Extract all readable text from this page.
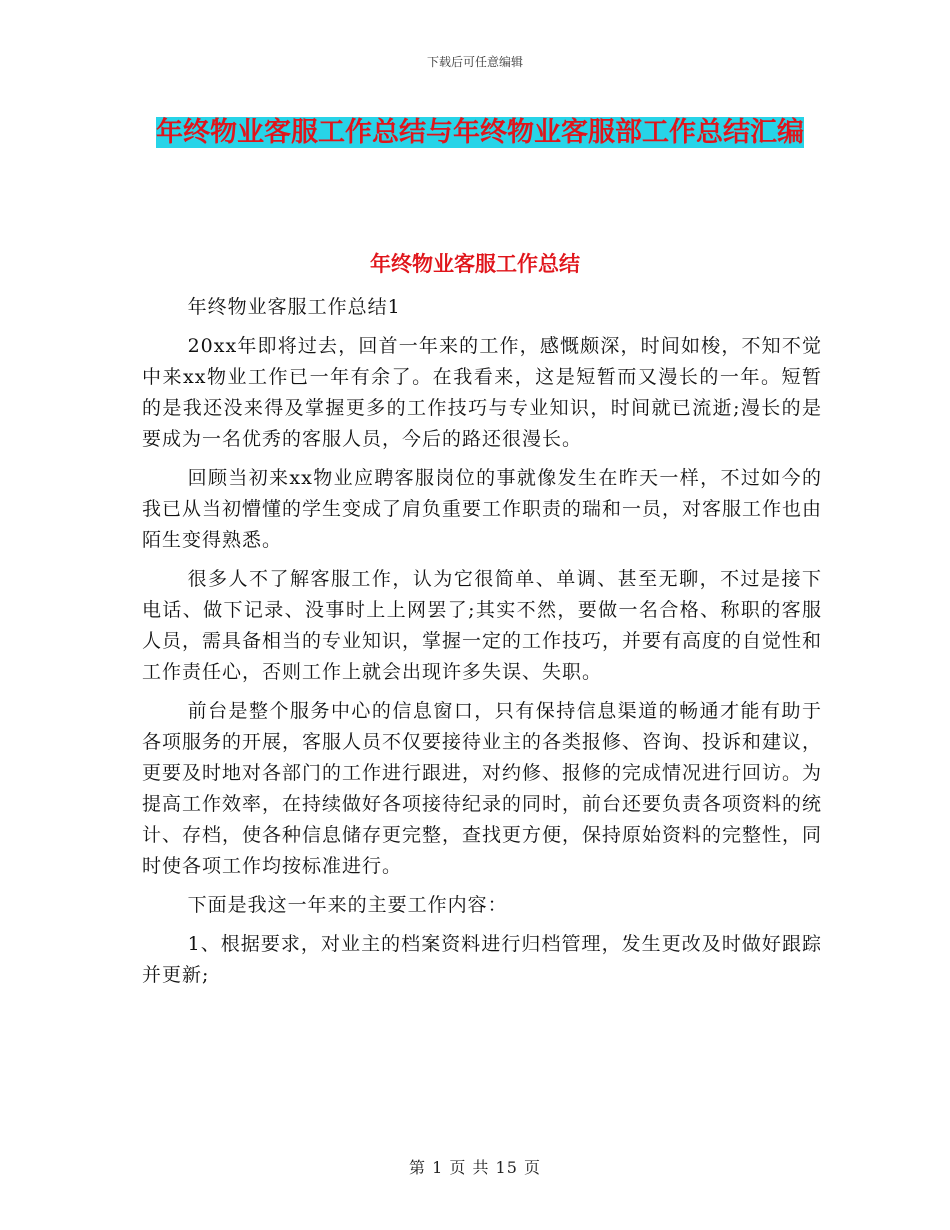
下载后可任意编辑
年终物业客服工作总结与年终物业客服部工作总结汇编
年终物业客服工作总结

年终物业客服工作总结1

20xx年即将过去，回首一年来的工作，感慨颇深，时间如梭，不知不觉中来xx物业工作已一年有余了。在我看来，这是短暂而又漫长的一年。短暂的是我还没来得及掌握更多的工作技巧与专业知识，时间就已流逝;漫长的是要成为一名优秀的客服人员，今后的路还很漫长。

回顾当初来xx物业应聘客服岗位的事就像发生在昨天一样，不过如今的我已从当初懵懂的学生变成了肩负重要工作职责的瑞和一员，对客服工作也由陌生变得熟悉。

很多人不了解客服工作，认为它很简单、单调、甚至无聊，不过是接下电话、做下记录、没事时上上网罢了;其实不然，要做一名合格、称职的客服人员，需具备相当的专业知识，掌握一定的工作技巧，并要有高度的自觉性和工作责任心，否则工作上就会出现许多失误、失职。

前台是整个服务中心的信息窗口，只有保持信息渠道的畅通才能有助于各项服务的开展，客服人员不仅要接待业主的各类报修、咨询、投诉和建议，更要及时地对各部门的工作进行跟进，对约修、报修的完成情况进行回访。为提高工作效率，在持续做好各项接待纪录的同时，前台还要负责各项资料的统计、存档，使各种信息储存更完整，查找更方便，保持原始资料的完整性，同时使各项工作均按标准进行。

下面是我这一年来的主要工作内容：

1、根据要求，对业主的档案资料进行归档管理，发生更改及时做好跟踪并更新;

第 1 页 共 15 页
